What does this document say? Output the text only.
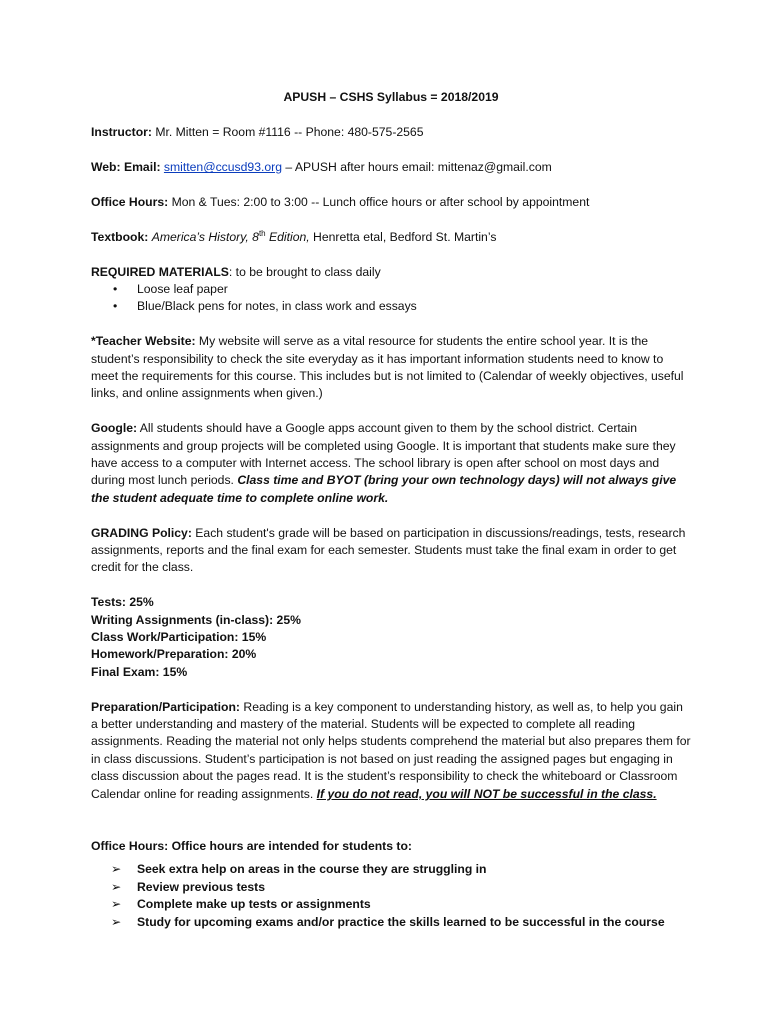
APUSH – CSHS Syllabus = 2018/2019

Instructor: Mr. Mitten = Room #1116 -- Phone: 480-575-2565

Web: Email: smitten@ccusd93.org – APUSH after hours email: mittenaz@gmail.com

Office Hours: Mon & Tues: 2:00 to 3:00 -- Lunch office hours or after school by appointment

Textbook: America’s History, 8th Edition, Henretta etal, Bedford St. Martin’s

REQUIRED MATERIALS: to be brought to class daily
• Loose leaf paper
• Blue/Black pens for notes, in class work and essays

*Teacher Website: My website will serve as a vital resource for students the entire school year. It is the student’s responsibility to check the site everyday as it has important information students need to know to meet the requirements for this course. This includes but is not limited to (Calendar of weekly objectives, useful links, and online assignments when given.)

Google: All students should have a Google apps account given to them by the school district. Certain assignments and group projects will be completed using Google. It is important that students make sure they have access to a computer with Internet access. The school library is open after school on most days and during most lunch periods. Class time and BYOT (bring your own technology days) will not always give the student adequate time to complete online work.

GRADING Policy: Each student's grade will be based on participation in discussions/readings, tests, research assignments, reports and the final exam for each semester. Students must take the final exam in order to get credit for the class.

Tests: 25%

Writing Assignments (in-class): 25%

Class Work/Participation: 15%

Homework/Preparation: 20%

Final Exam: 15%

Preparation/Participation: Reading is a key component to understanding history, as well as, to help you gain a better understanding and mastery of the material. Students will be expected to complete all reading assignments. Reading the material not only helps students comprehend the material but also prepares them for in class discussions. Student’s participation is not based on just reading the assigned pages but engaging in class discussion about the pages read. It is the student’s responsibility to check the whiteboard or Classroom Calendar online for reading assignments. If you do not read, you will NOT be successful in the class.

Office Hours: Office hours are intended for students to:
➢ Seek extra help on areas in the course they are struggling in
➢ Review previous tests
➢ Complete make up tests or assignments
➢ Study for upcoming exams and/or practice the skills learned to be successful in the course
